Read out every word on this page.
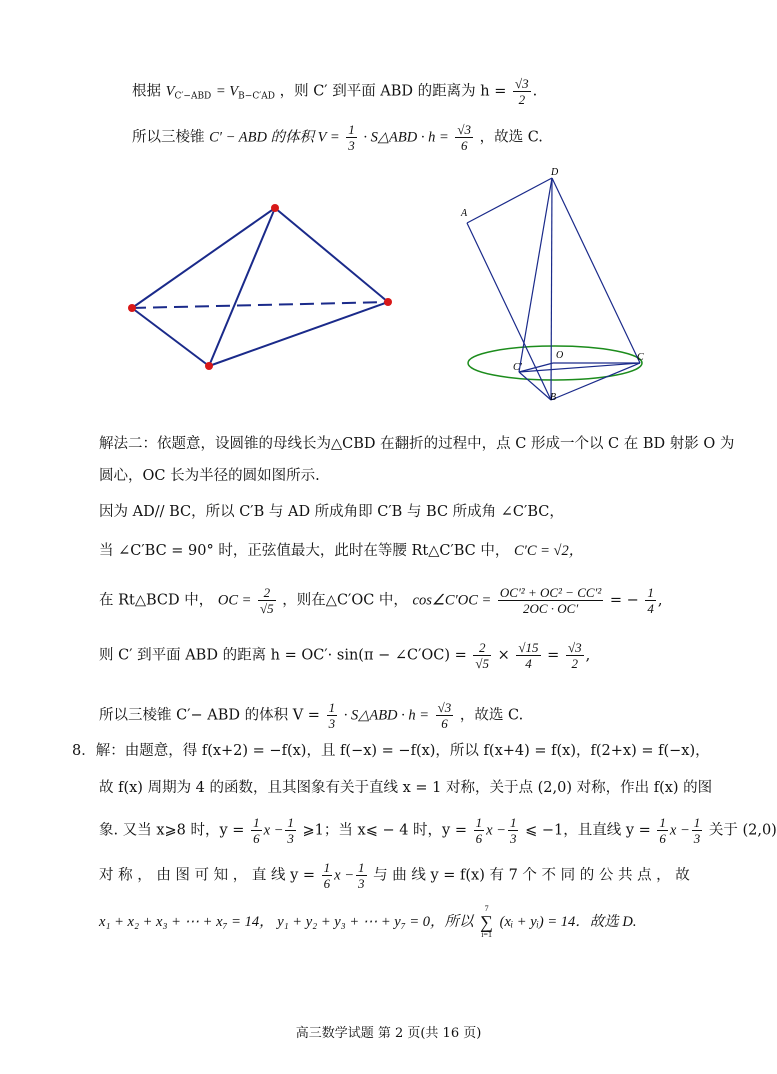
根据 $V_{C'-ABD} = V_{B-C'AD}$ ，则 C′ 到平面 ABD 的距离为 $h = \frac{√3}{2}$ .
所以三棱锥 C′ − ABD 的体积 $V = \frac{1}{3}$ · S△ABD · $h = \frac{√3}{6}$ ，故选 C.
D
A
O	C
C′
B
解法二：依题意，设圆锥的母线长为△CBD 在翻折的过程中，点 C 形成一个以 C 在 BD 射影 O 为
圆心，OC 长为半径的圆如图所示.
因为 AD// BC，所以 C′B 与 AD 所成角即 C′B 与 BC 所成角 ∠C′BC，
当 ∠C′BC = 90° 时，正弦值最大，此时在等腰 Rt△C′BC 中， C′C = √2，
在 Rt△BCD 中， OC = $\frac{2}{√5}$ ，则在△C′OC 中， cos∠C′OC = $\frac{\text{OC′² + OC² − CC′²}}{2OC \cdot OC'}$ = − $\frac{1}{4}$ ,
则 C′ 到平面 ABD 的距离 h = OC′· sin(π − ∠C′OC) = $\frac{2}{√5} \times \frac{√15}{4} = \frac{√3}{2}$ ,
所以三棱锥 C′− ABD 的体积 $V = \frac{1}{3}$ · S△ABD · $h = \frac{√3}{6}$ ，故选 C.
8．解：由题意，得 f(x+2) = −f(x)，且 f(−x) = −f(x)，所以 f(x+4) = f(x)，f(2+x) = f(−x)，
故 f(x) 周期为 4 的函数，且其图象有关于直线 x = 1 对称，关于点 (2,0) 对称，作出 f(x) 的图
象. 又当 x⩾8 时，$y = \frac{1}{6}$ $x - \frac{1}{3}$ ⩾1；当 x⩽ − 4 时，$y = \frac{1}{6}$ $x - \frac{1}{3}$ ⩽ −1，且直线 $y = \frac{1}{6}$ $x - \frac{1}{3}$ 关于 (2,0)
对 称 ， 由 图 可 知 ， 直 线 $y = \frac{1}{6}$ $x - \frac{1}{3}$ 与 曲 线 y = f(x) 有 7 个 不 同 的 公 共 点 ， 故
x₁ + x₂ + x₃ + ⋯ + x₇ = 14， y₁ + y₂ + y₃ + ⋯ + y₇ = 0，所以
7
∑
i=1
(xᵢ + yᵢ) = 14．故选 D.
高三数学试题 第 2 页(共 16 页)
